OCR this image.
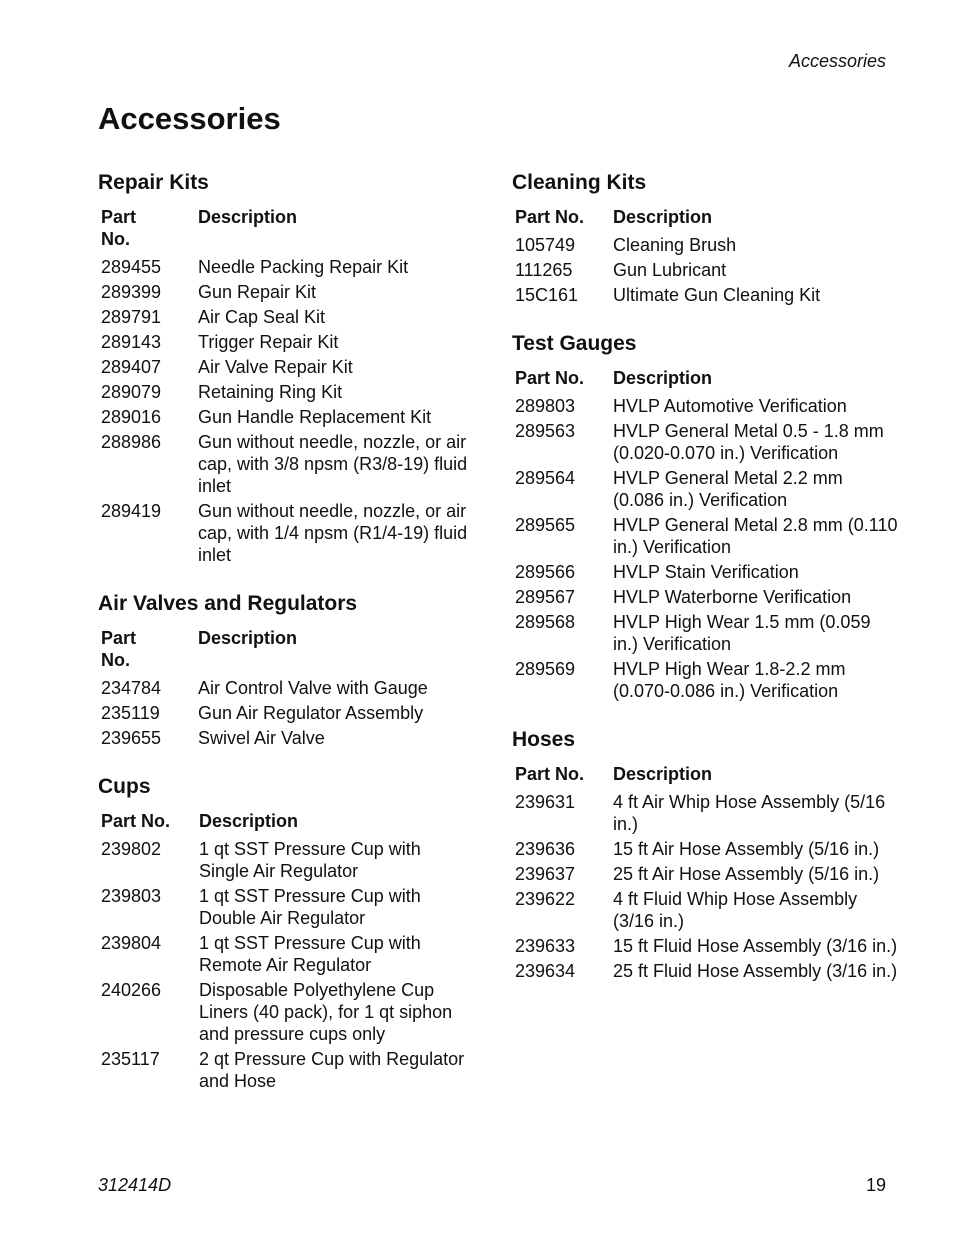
Accessories
Accessories
Repair Kits
Part No.	Description
289455	Needle Packing Repair Kit
289399	Gun Repair Kit
289791	Air Cap Seal Kit
289143	Trigger Repair Kit
289407	Air Valve Repair Kit
289079	Retaining Ring Kit
289016	Gun Handle Replacement Kit
288986	Gun without needle, nozzle, or air cap, with 3/8 npsm (R3/8-19) fluid inlet
289419	Gun without needle, nozzle, or air cap, with 1/4 npsm (R1/4-19) fluid inlet
Air Valves and Regulators
Part No.	Description
234784	Air Control Valve with Gauge
235119	Gun Air Regulator Assembly
239655	Swivel Air Valve
Cups
Part No.	Description
239802	1 qt SST Pressure Cup with Single Air Regulator
239803	1 qt SST Pressure Cup with Double Air Regulator
239804	1 qt SST Pressure Cup with Remote Air Regulator
240266	Disposable Polyethylene Cup Liners (40 pack), for 1 qt siphon and pressure cups only
235117	2 qt Pressure Cup with Regulator and Hose
Cleaning Kits
Part No.	Description
105749	Cleaning Brush
111265	Gun Lubricant
15C161	Ultimate Gun Cleaning Kit
Test Gauges
Part No.	Description
289803	HVLP Automotive Verification
289563	HVLP General Metal 0.5 - 1.8 mm (0.020-0.070 in.) Verification
289564	HVLP General Metal 2.2 mm (0.086 in.) Verification
289565	HVLP General Metal 2.8 mm (0.110 in.) Verification
289566	HVLP Stain Verification
289567	HVLP Waterborne Verification
289568	HVLP High Wear 1.5 mm (0.059 in.) Verification
289569	HVLP High Wear 1.8-2.2 mm (0.070-0.086 in.) Verification
Hoses
Part No.	Description
239631	4 ft Air Whip Hose Assembly (5/16 in.)
239636	15 ft Air Hose Assembly (5/16 in.)
239637	25 ft Air Hose Assembly (5/16 in.)
239622	4 ft Fluid Whip Hose Assembly (3/16 in.)
239633	15 ft Fluid Hose Assembly (3/16 in.)
239634	25 ft Fluid Hose Assembly (3/16 in.)
312414D	19
